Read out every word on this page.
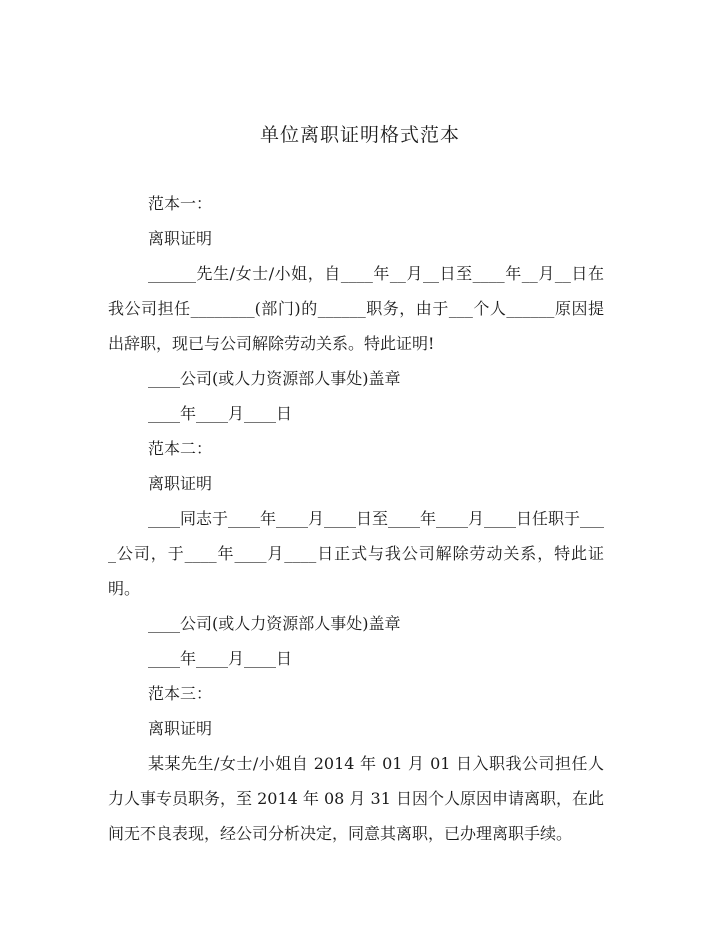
单位离职证明格式范本

范本一：

离职证明

______先生/女士/小姐，自____年__月__日至____年__月__日在我公司担任________(部门)的______职务，由于___个人______原因提出辞职，现已与公司解除劳动关系。特此证明!

____公司(或人力资源部人事处)盖章

____年____月____日

范本二：

离职证明

____同志于____年____月____日至____年____月____日任职于____公司，于____年____月____日正式与我公司解除劳动关系，特此证明。

____公司(或人力资源部人事处)盖章

____年____月____日

范本三：

离职证明

某某先生/女士/小姐自 2014 年 01 月 01 日入职我公司担任人力人事专员职务，至 2014 年 08 月 31 日因个人原因申请离职，在此间无不良表现，经公司分析决定，同意其离职，已办理离职手续。
